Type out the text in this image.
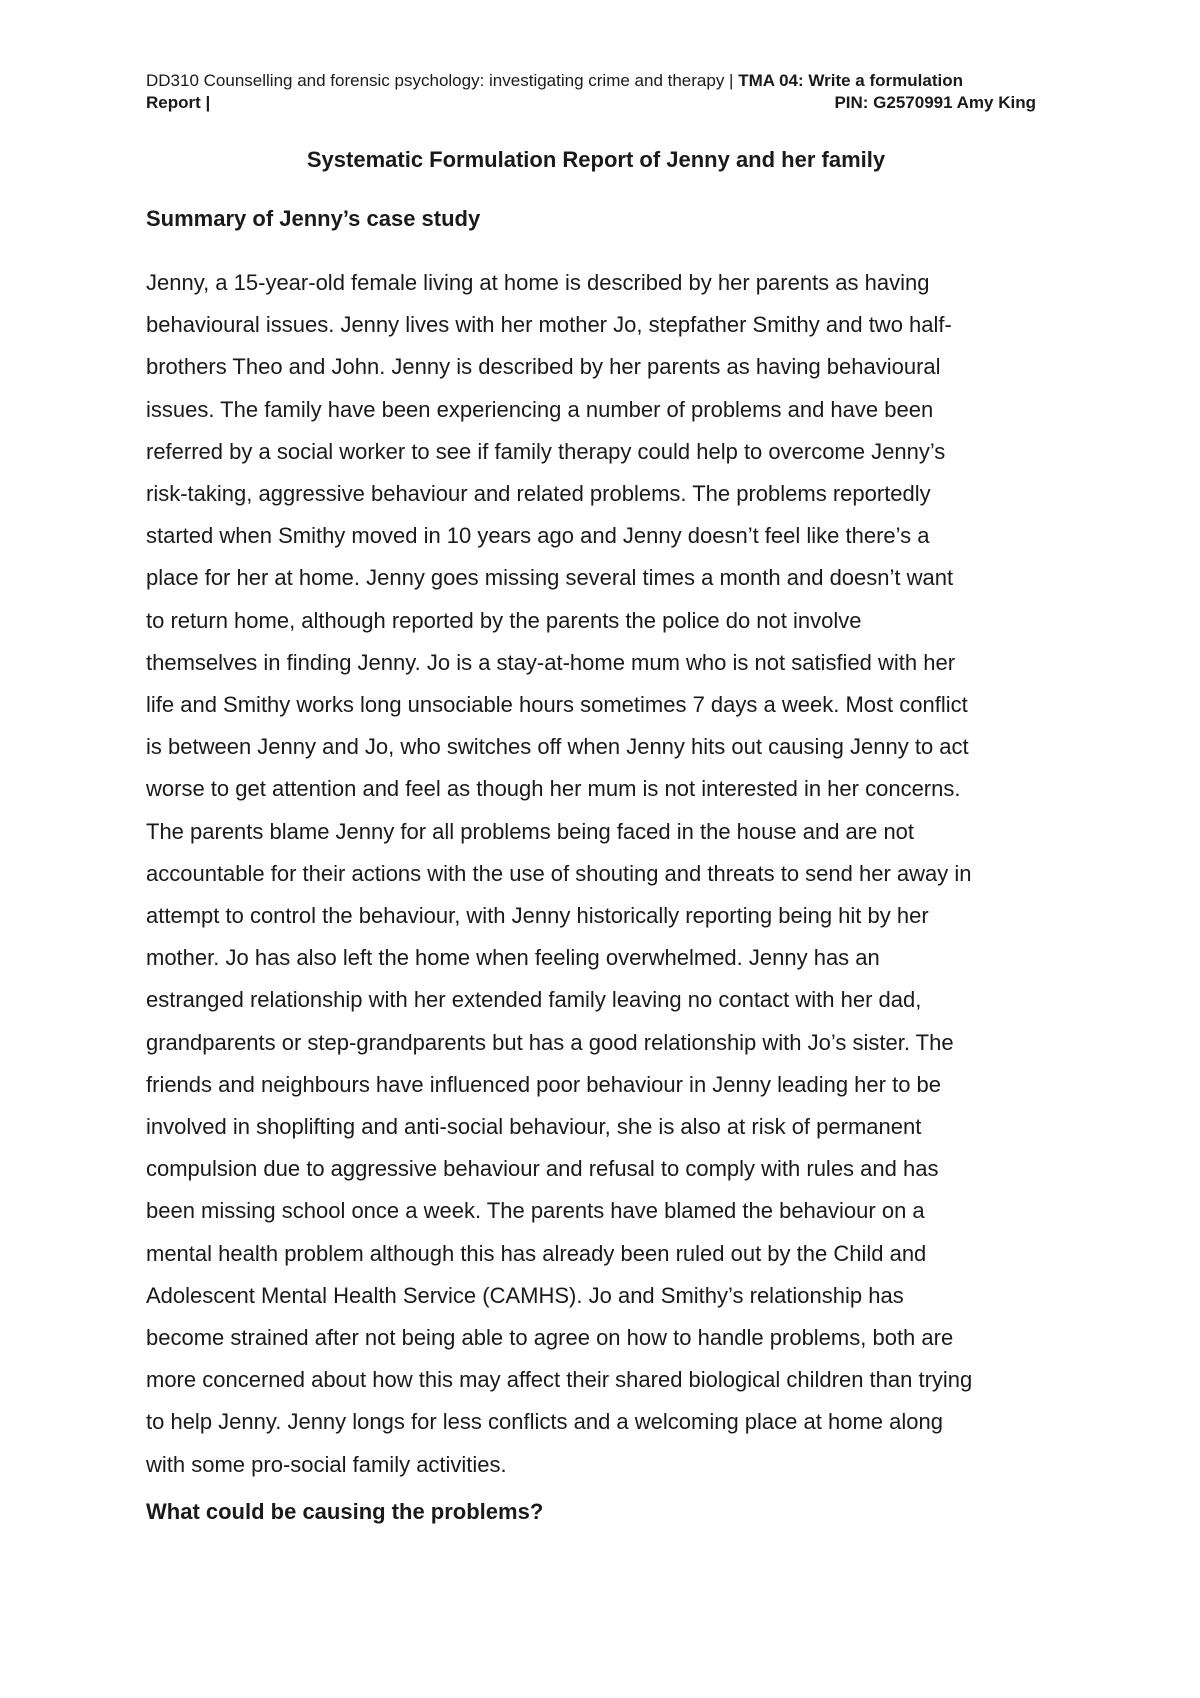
DD310 Counselling and forensic psychology: investigating crime and therapy | TMA 04: Write a formulation
Report |	PIN: G2570991 Amy King
Systematic Formulation Report of Jenny and her family
Summary of Jenny’s case study
Jenny, a 15-year-old female living at home is described by her parents as having
behavioural issues. Jenny lives with her mother Jo, stepfather Smithy and two half-
brothers Theo and John. Jenny is described by her parents as having behavioural
issues. The family have been experiencing a number of problems and have been
referred by a social worker to see if family therapy could help to overcome Jenny’s
risk-taking, aggressive behaviour and related problems. The problems reportedly
started when Smithy moved in 10 years ago and Jenny doesn’t feel like there’s a
place for her at home. Jenny goes missing several times a month and doesn’t want
to return home, although reported by the parents the police do not involve
themselves in finding Jenny. Jo is a stay-at-home mum who is not satisfied with her
life and Smithy works long unsociable hours sometimes 7 days a week. Most conflict
is between Jenny and Jo, who switches off when Jenny hits out causing Jenny to act
worse to get attention and feel as though her mum is not interested in her concerns.
The parents blame Jenny for all problems being faced in the house and are not
accountable for their actions with the use of shouting and threats to send her away in
attempt to control the behaviour, with Jenny historically reporting being hit by her
mother. Jo has also left the home when feeling overwhelmed. Jenny has an
estranged relationship with her extended family leaving no contact with her dad,
grandparents or step-grandparents but has a good relationship with Jo’s sister. The
friends and neighbours have influenced poor behaviour in Jenny leading her to be
involved in shoplifting and anti-social behaviour, she is also at risk of permanent
compulsion due to aggressive behaviour and refusal to comply with rules and has
been missing school once a week. The parents have blamed the behaviour on a
mental health problem although this has already been ruled out by the Child and
Adolescent Mental Health Service (CAMHS). Jo and Smithy’s relationship has
become strained after not being able to agree on how to handle problems, both are
more concerned about how this may affect their shared biological children than trying
to help Jenny. Jenny longs for less conflicts and a welcoming place at home along
with some pro-social family activities.
What could be causing the problems?
